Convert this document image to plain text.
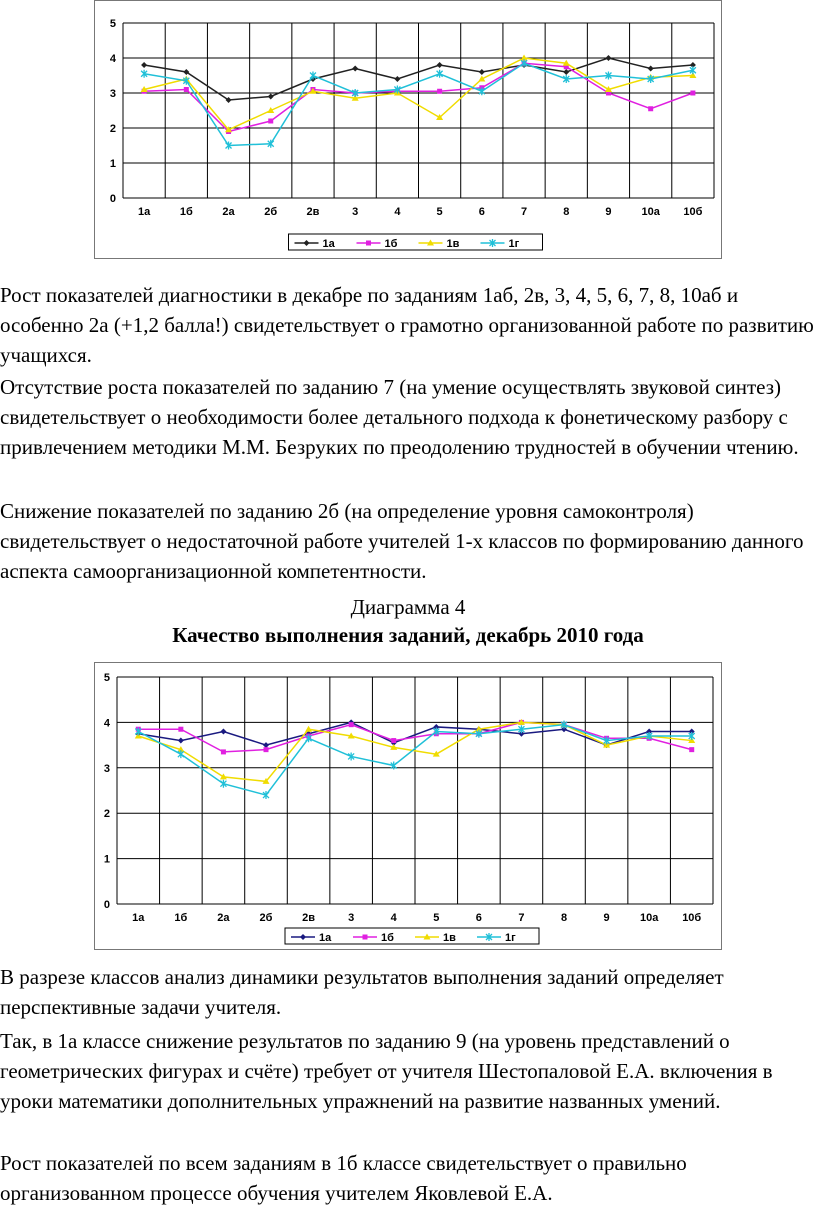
0
1
2
3
4
5
1а	1б	2а	2б	2в	3	4	5	6	7	8	9	10а 10б
1а	1б	1в	1г

Рост показателей диагностики в декабре по заданиям 1аб, 2в, 3, 4, 5, 6, 7, 8, 10аб и особенно 2а (+1,2 балла!) свидетельствует о грамотно организованной работе по развитию учащихся.

Отсутствие роста показателей по заданию 7 (на умение осуществлять звуковой синтез) свидетельствует о необходимости более детального подхода к фонетическому разбору с привлечением методики М.М. Безруких по преодолению трудностей в обучении чтению.

Снижение показателей по заданию 2б (на определение уровня самоконтроля) свидетельствует о недостаточной работе учителей 1-х классов по формированию данного аспекта самоорганизационной компетентности.

Диаграмма 4

Качество выполнения заданий, декабрь 2010 года

0
1
2
3
4
5
1а	1б	2а	2б	2в	3	4	5	6	7	8	9	10а 10б
1а	1б	1в	1г

В разрезе классов анализ динамики результатов выполнения заданий определяет перспективные задачи учителя.

Так, в 1а классе снижение результатов по заданию 9 (на уровень представлений о геометрических фигурах и счёте) требует от учителя Шестопаловой Е.А. включения в уроки математики дополнительных упражнений на развитие названных умений.

Рост показателей по всем заданиям в 1б классе свидетельствует о правильно организованном процессе обучения учителем Яковлевой Е.А.
